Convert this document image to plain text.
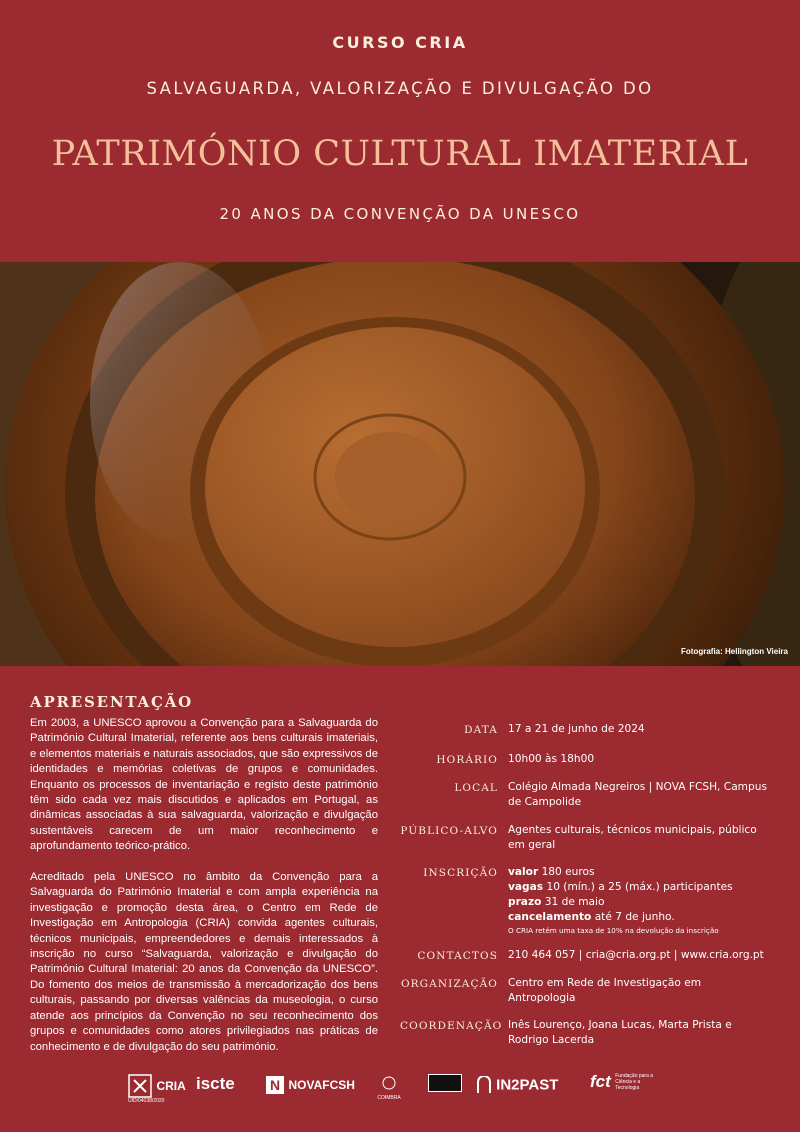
CURSO CRIA
SALVAGUARDA, VALORIZAÇÃO E DIVULGAÇÃO DO
PATRIMÓNIO CULTURAL IMATERIAL
20 ANOS DA CONVENÇÃO DA UNESCO
Fotografia: Hellington Vieira
APRESENTAÇÃO

Em 2003, a UNESCO aprovou a Convenção para a Salvaguarda do Património Cultural Imaterial, referente aos bens culturais imateriais, e elementos materiais e naturais associados, que são expressivos de identidades e memórias coletivas de grupos e comunidades. Enquanto os processos de inventariação e registo deste património têm sido cada vez mais discutidos e aplicados em Portugal, as dinâmicas associadas à sua salvaguarda, valorização e divulgação sustentáveis carecem de um maior reconhecimento e aprofundamento teórico-prático.

Acreditado pela UNESCO no âmbito da Convenção para a Salvaguarda do Património Imaterial e com ampla experiência na investigação e promoção desta área, o Centro em Rede de Investigação em Antropologia (CRIA) convida agentes culturais, técnicos municipais, empreendedores e demais interessados à inscrição no curso “Salvaguarda, valorização e divulgação do Património Cultural Imaterial: 20 anos da Convenção da UNESCO”. Do fomento dos meios de transmissão à mercadorização dos bens culturais, passando por diversas valências da museologia, o curso atende aos princípios da Convenção no seu reconhecimento dos grupos e comunidades como atores privilegiados nas práticas de conhecimento e de divulgação do seu património.

DATA 17 a 21 de junho de 2024
HORÁRIO 10h00 às 18h00
LOCAL Colégio Almada Negreiros | NOVA FCSH, Campus de Campolide
PÚBLICO-ALVO Agentes culturais, técnicos municipais, público em geral
INSCRIÇÃO valor 180 euros
vagas 10 (mín.) a 25 (máx.) participantes
prazo 31 de maio
cancelamento até 7 de junho.
O CRIA retém uma taxa de 10% na devolução da inscrição
CONTACTOS 210 464 057 | cria@cria.org.pt | www.cria.org.pt
ORGANIZAÇÃO Centro em Rede de Investigação em Antropologia
COORDENAÇÃO Inês Lourenço, Joana Lucas, Marta Prista e Rodrigo Lacerda
CRIA
UID/04038/2020
iscte	N NOVAFCSH
COIMBRA
IN2PAST fct Fundação para a Ciência e a Tecnologia
